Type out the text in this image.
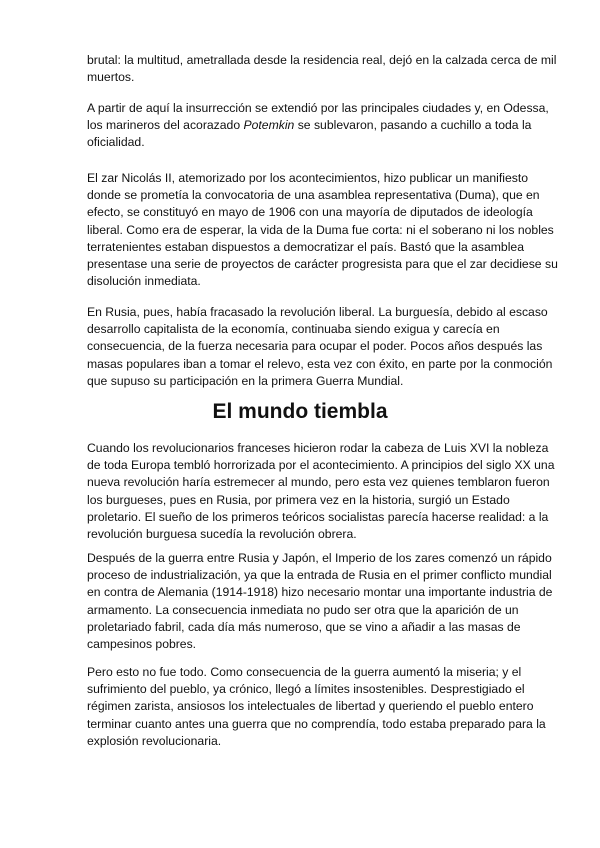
brutal: la multitud, ametrallada desde la residencia real, dejó en la calzada cerca de mil muertos.

A partir de aquí la insurrección se extendió por las principales ciudades y, en Odessa, los marineros del acorazado Potemkin se sublevaron, pasando a cuchillo a toda la oficialidad.

El zar Nicolás II, atemorizado por los acontecimientos, hizo publicar un manifiesto donde se prometía la convocatoria de una asamblea representativa (Duma), que en efecto, se constituyó en mayo de 1906 con una mayoría de diputados de ideología liberal. Como era de esperar, la vida de la Duma fue corta: ni el soberano ni los nobles terratenientes estaban dispuestos a democratizar el país. Bastó que la asamblea presentase una serie de proyectos de carácter progresista para que el zar decidiese su disolución inmediata.

En Rusia, pues, había fracasado la revolución liberal. La burguesía, debido al escaso desarrollo capitalista de la economía, continuaba siendo exigua y carecía en consecuencia, de la fuerza necesaria para ocupar el poder. Pocos años después las masas populares iban a tomar el relevo, esta vez con éxito, en parte por la conmoción que supuso su participación en la primera Guerra Mundial.

El mundo tiembla

Cuando los revolucionarios franceses hicieron rodar la cabeza de Luis XVI la nobleza de toda Europa tembló horrorizada por el acontecimiento. A principios del siglo XX una nueva revolución haría estremecer al mundo, pero esta vez quienes temblaron fueron los burgueses, pues en Rusia, por primera vez en la historia, surgió un Estado proletario. El sueño de los primeros teóricos socialistas parecía hacerse realidad: a la revolución burguesa sucedía la revolución obrera.

Después de la guerra entre Rusia y Japón, el Imperio de los zares comenzó un rápido proceso de industrialización, ya que la entrada de Rusia en el primer conflicto mundial en contra de Alemania (1914-1918) hizo necesario montar una importante industria de armamento. La consecuencia inmediata no pudo ser otra que la aparición de un proletariado fabril, cada día más numeroso, que se vino a añadir a las masas de campesinos pobres.

Pero esto no fue todo. Como consecuencia de la guerra aumentó la miseria; y el sufrimiento del pueblo, ya crónico, llegó a límites insostenibles. Desprestigiado el régimen zarista, ansiosos los intelectuales de libertad y queriendo el pueblo entero terminar cuanto antes una guerra que no comprendía, todo estaba preparado para la explosión revolucionaria.
